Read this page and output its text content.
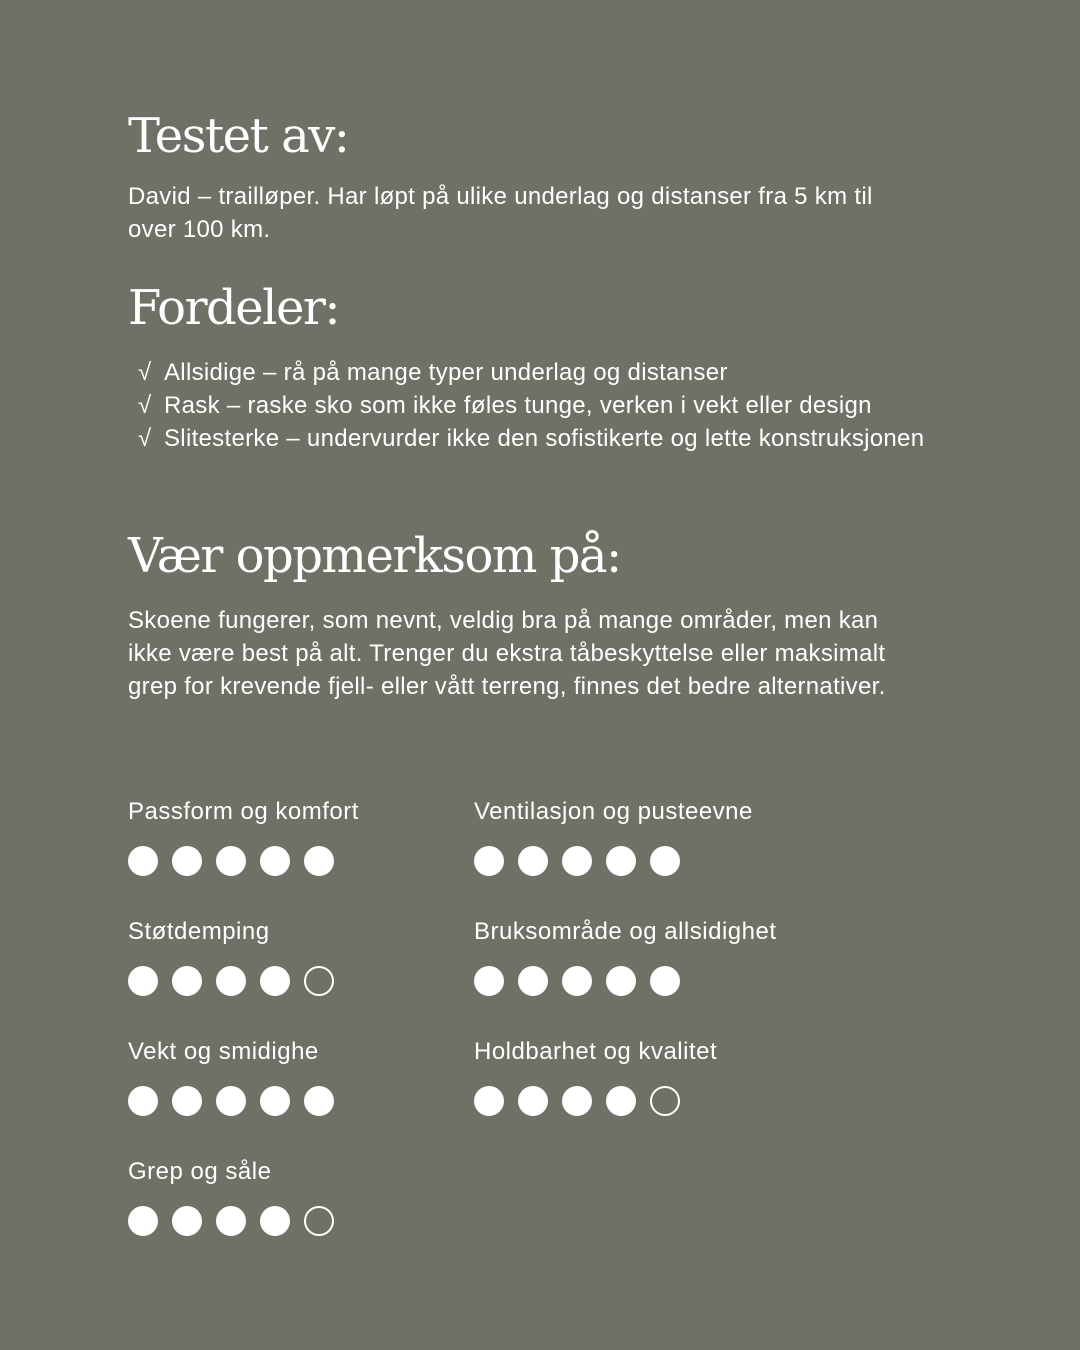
Testet av:

David – trailløper. Har løpt på ulike underlag og distanser fra 5 km til over 100 km.

Fordeler:
√ Allsidige – rå på mange typer underlag og distanser
√ Rask – raske sko som ikke føles tunge, verken i vekt eller design
√ Slitesterke – undervurder ikke den sofistikerte og lette konstruksjonen
Vær oppmerksom på:

Skoene fungerer, som nevnt, veldig bra på mange områder, men kan ikke være best på alt. Trenger du ekstra tåbeskyttelse eller maksimalt grep for krevende fjell- eller vått terreng, finnes det bedre alternativer.

Passform og komfort	Ventilasjon og pusteevne

Støtdemping	Bruksområde og allsidighet

Vekt og smidighe	Holdbarhet og kvalitet

Grep og såle
